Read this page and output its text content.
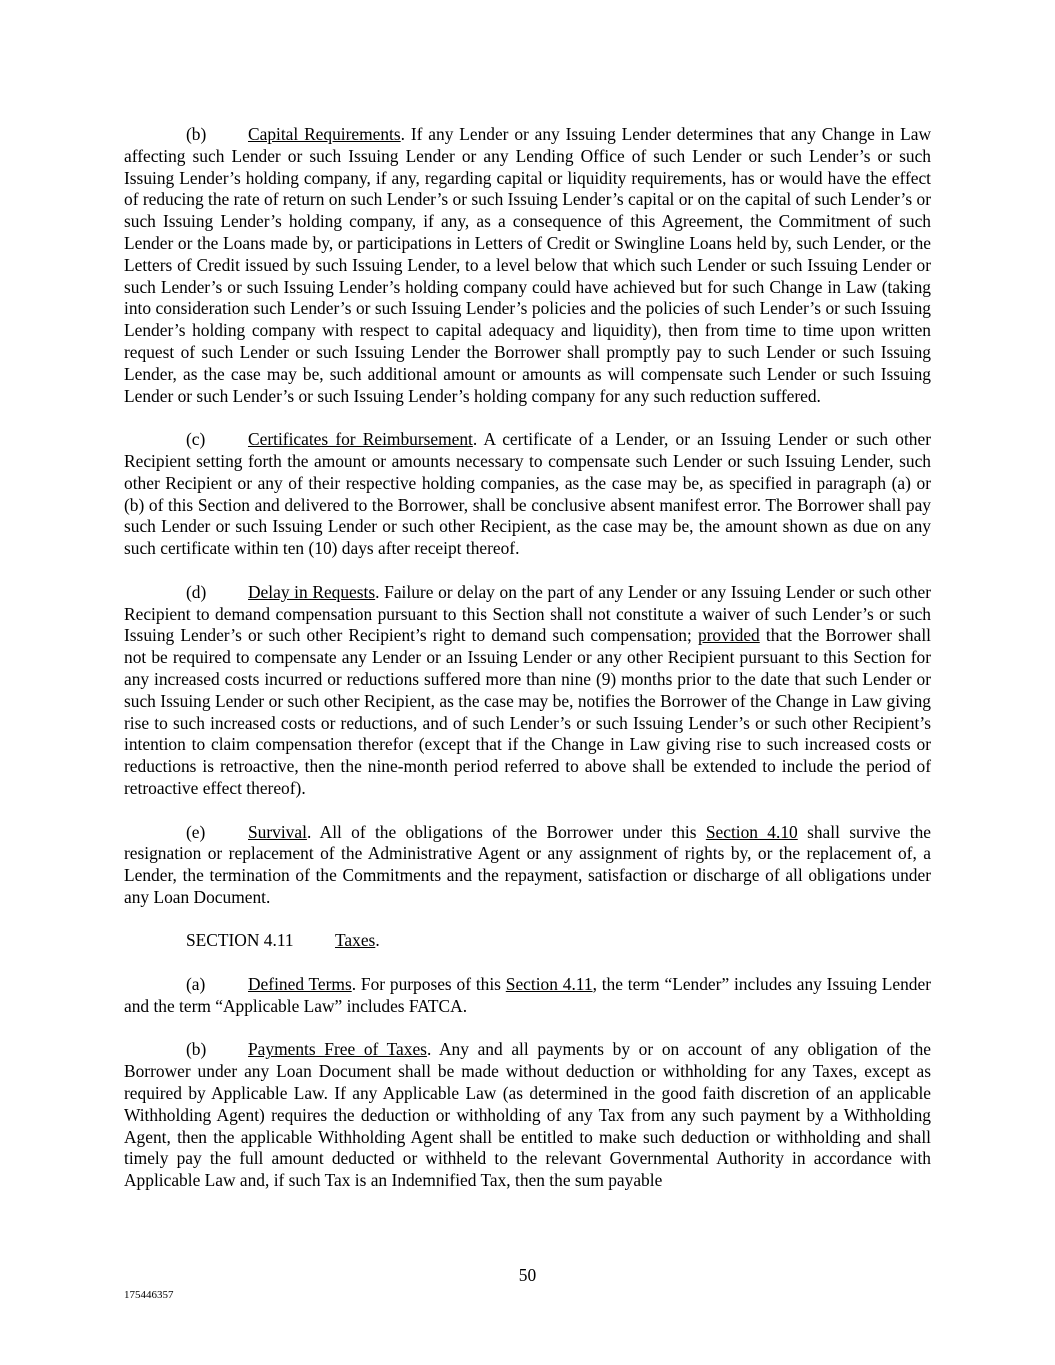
(b) Capital Requirements. If any Lender or any Issuing Lender determines that any Change in Law affecting such Lender or such Issuing Lender or any Lending Office of such Lender or such Lender’s or such Issuing Lender’s holding company, if any, regarding capital or liquidity requirements, has or would have the effect of reducing the rate of return on such Lender’s or such Issuing Lender’s capital or on the capital of such Lender’s or such Issuing Lender’s holding company, if any, as a consequence of this Agreement, the Commitment of such Lender or the Loans made by, or participations in Letters of Credit or Swingline Loans held by, such Lender, or the Letters of Credit issued by such Issuing Lender, to a level below that which such Lender or such Issuing Lender or such Lender’s or such Issuing Lender’s holding company could have achieved but for such Change in Law (taking into consideration such Lender’s or such Issuing Lender’s policies and the policies of such Lender’s or such Issuing Lender’s holding company with respect to capital adequacy and liquidity), then from time to time upon written request of such Lender or such Issuing Lender the Borrower shall promptly pay to such Lender or such Issuing Lender, as the case may be, such additional amount or amounts as will compensate such Lender or such Issuing Lender or such Lender’s or such Issuing Lender’s holding company for any such reduction suffered.

(c) Certificates for Reimbursement. A certificate of a Lender, or an Issuing Lender or such other Recipient setting forth the amount or amounts necessary to compensate such Lender or such Issuing Lender, such other Recipient or any of their respective holding companies, as the case may be, as specified in paragraph (a) or (b) of this Section and delivered to the Borrower, shall be conclusive absent manifest error. The Borrower shall pay such Lender or such Issuing Lender or such other Recipient, as the case may be, the amount shown as due on any such certificate within ten (10) days after receipt thereof.

(d) Delay in Requests. Failure or delay on the part of any Lender or any Issuing Lender or such other Recipient to demand compensation pursuant to this Section shall not constitute a waiver of such Lender’s or such Issuing Lender’s or such other Recipient’s right to demand such compensation; provided that the Borrower shall not be required to compensate any Lender or an Issuing Lender or any other Recipient pursuant to this Section for any increased costs incurred or reductions suffered more than nine (9) months prior to the date that such Lender or such Issuing Lender or such other Recipient, as the case may be, notifies the Borrower of the Change in Law giving rise to such increased costs or reductions, and of such Lender’s or such Issuing Lender’s or such other Recipient’s intention to claim compensation therefor (except that if the Change in Law giving rise to such increased costs or reductions is retroactive, then the nine-month period referred to above shall be extended to include the period of retroactive effect thereof).

(e) Survival. All of the obligations of the Borrower under this Section 4.10 shall survive the resignation or replacement of the Administrative Agent or any assignment of rights by, or the replacement of, a Lender, the termination of the Commitments and the repayment, satisfaction or discharge of all obligations under any Loan Document.

SECTION 4.11 Taxes.

(a) Defined Terms. For purposes of this Section 4.11, the term “Lender” includes any Issuing Lender and the term “Applicable Law” includes FATCA.

(b) Payments Free of Taxes. Any and all payments by or on account of any obligation of the Borrower under any Loan Document shall be made without deduction or withholding for any Taxes, except as required by Applicable Law. If any Applicable Law (as determined in the good faith discretion of an applicable Withholding Agent) requires the deduction or withholding of any Tax from any such payment by a Withholding Agent, then the applicable Withholding Agent shall be entitled to make such deduction or withholding and shall timely pay the full amount deducted or withheld to the relevant Governmental Authority in accordance with Applicable Law and, if such Tax is an Indemnified Tax, then the sum payable

50
175446357
